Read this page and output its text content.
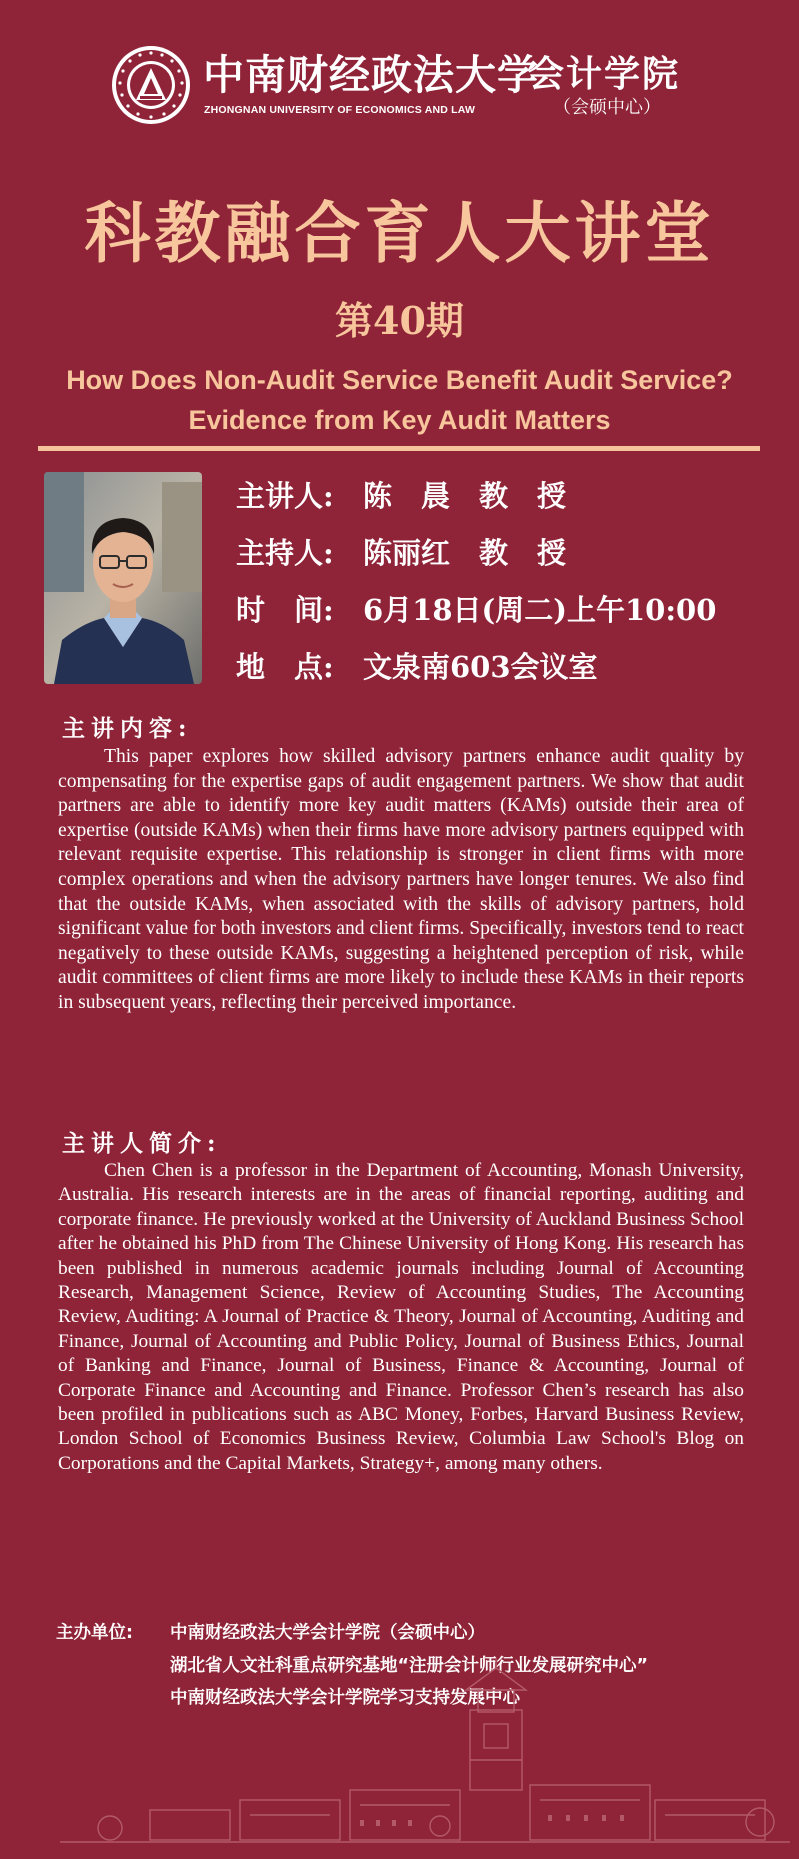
中南财经政法大学
ZHONGNAN UNIVERSITY OF ECONOMICS AND LAW
会计学院
（会硕中心）
科教融合育人大讲堂
第40期
How Does Non-Audit Service Benefit Audit Service?
Evidence from Key Audit Matters
主讲人: 陈　晨　教　授
主持人: 陈丽红　教　授
时　间: 6月18日(周二)上午10:00
地　点: 文泉南603会议室
主讲内容:
This paper explores how skilled advisory partners enhance audit quality by compensating for the expertise gaps of audit engagement partners. We show that audit partners are able to identify more key audit matters (KAMs) outside their area of expertise (outside KAMs) when their firms have more advisory partners equipped with relevant requisite expertise. This relationship is stronger in client firms with more complex operations and when the advisory partners have longer tenures. We also find that the outside KAMs, when associated with the skills of advisory partners, hold significant value for both investors and client firms. Specifically, investors tend to react negatively to these outside KAMs, suggesting a heightened perception of risk, while audit committees of client firms are more likely to include these KAMs in their reports in subsequent years, reflecting their perceived importance.
主讲人简介:
Chen Chen is a professor in the Department of Accounting, Monash University, Australia. His research interests are in the areas of financial reporting, auditing and corporate finance. He previously worked at the University of Auckland Business School after he obtained his PhD from The Chinese University of Hong Kong. His research has been published in numerous academic journals including Journal of Accounting Research, Management Science, Review of Accounting Studies, The Accounting Review, Auditing: A Journal of Practice & Theory, Journal of Accounting, Auditing and Finance, Journal of Accounting and Public Policy, Journal of Business Ethics, Journal of Banking and Finance, Journal of Business, Finance & Accounting, Journal of Corporate Finance and Accounting and Finance. Professor Chen’s research has also been profiled in publications such as ABC Money, Forbes, Harvard Business Review, London School of Economics Business Review, Columbia Law School's Blog on Corporations and the Capital Markets, Strategy+, among many others.
主办单位: 中南财经政法大学会计学院（会硕中心）
湖北省人文社科重点研究基地“注册会计师行业发展研究中心”
中南财经政法大学会计学院学习支持发展中心
